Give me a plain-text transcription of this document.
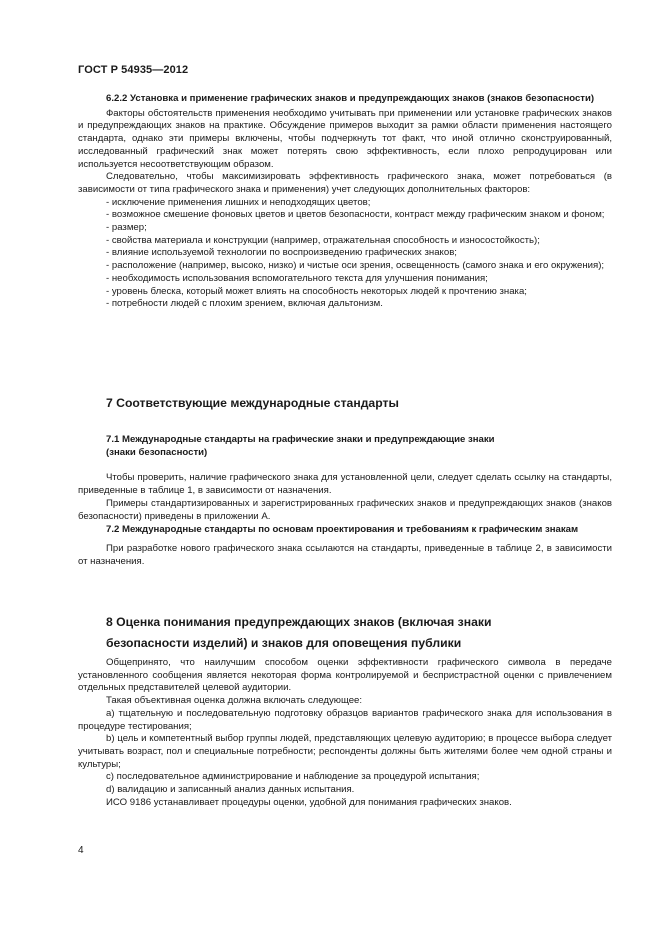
ГОСТ Р 54935—2012

6.2.2 Установка и применение графических знаков и предупреждающих знаков (знаков безопасности)

Факторы обстоятельств применения необходимо учитывать при применении или установке графических знаков и предупреждающих знаков на практике. Обсуждение примеров выходит за рамки области применения настоящего стандарта, однако эти примеры включены, чтобы подчеркнуть тот факт, что иной отлично сконструированный, исследованный графический знак может потерять свою эффективность, если плохо репродуцирован или используется несоответствующим образом.

Следовательно, чтобы максимизировать эффективность графического знака, может потребоваться (в зависимости от типа графического знака и применения) учет следующих дополнительных факторов:

- исключение применения лишних и неподходящих цветов;

- возможное смешение фоновых цветов и цветов безопасности, контраст между графическим знаком и фоном;

- размер;

- свойства материала и конструкции (например, отражательная способность и износостойкость);

- влияние используемой технологии по воспроизведению графических знаков;

- расположение (например, высоко, низко) и чистые оси зрения, освещенность (самого знака и его окружения);

- необходимость использования вспомогательного текста для улучшения понимания;

- уровень блеска, который может влиять на способность некоторых людей к прочтению знака;

- потребности людей с плохим зрением, включая дальтонизм.

7 Соответствующие международные стандарты

7.1 Международные стандарты на графические знаки и предупреждающие знаки

(знаки безопасности)

Чтобы проверить, наличие графического знака для установленной цели, следует сделать ссылку на стандарты, приведенные в таблице 1, в зависимости от назначения.

Примеры стандартизированных и зарегистрированных графических знаков и предупреждающих знаков (знаков безопасности) приведены в приложении А.

7.2 Международные стандарты по основам проектирования и требованиям к графическим знакам

При разработке нового графического знака ссылаются на стандарты, приведенные в таблице 2, в зависимости от назначения.

8 Оценка понимания предупреждающих знаков (включая знаки
безопасности изделий) и знаков для оповещения публики

Общепринято, что наилучшим способом оценки эффективности графического символа в передаче установленного сообщения является некоторая форма контролируемой и беспристрастной оценки с привлечением отдельных представителей целевой аудитории.

Такая объективная оценка должна включать следующее:

а) тщательную и последовательную подготовку образцов вариантов графического знака для использования в процедуре тестирования;

b) цель и компетентный выбор группы людей, представляющих целевую аудиторию; в процессе выбора следует учитывать возраст, пол и специальные потребности; респонденты должны быть жителями более чем одной страны и культуры;

c) последовательное администрирование и наблюдение за процедурой испытания;

d) валидацию и записанный анализ данных испытания.

ИСО 9186 устанавливает процедуры оценки, удобной для понимания графических знаков.

4
